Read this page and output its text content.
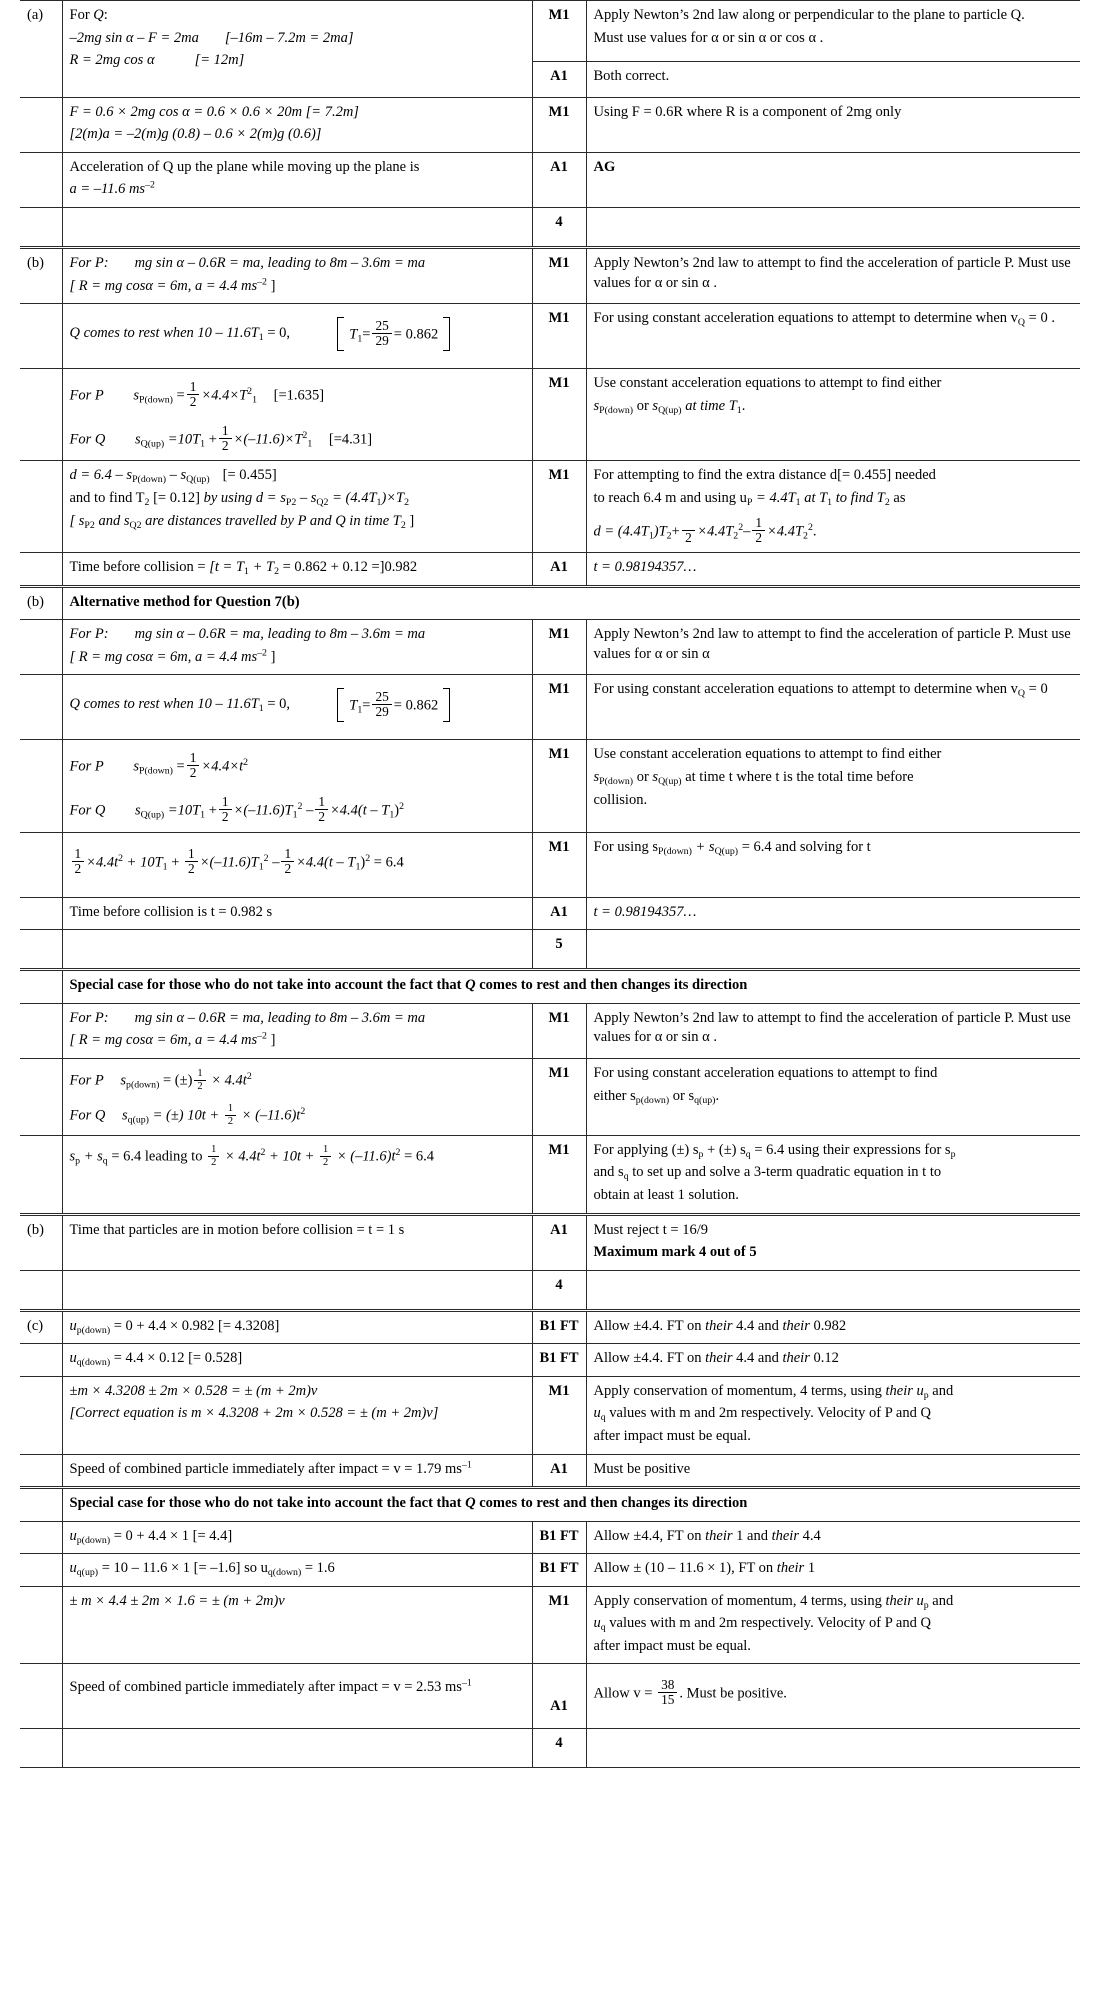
(a)	For Q:
–2mg sin α – F = 2ma [–16m – 7.2m = 2ma]
R = 2mg cos α [= 12m]	M1	Apply Newton’s 2nd law along or perpendicular to the plane to particle Q.
Must use values for α or sin α or cos α .

		A1	Both correct.

	F = 0.6 × 2mg cos α = 0.6 × 0.6 × 20m [= 7.2m]
[2(m)a = –2(m)g (0.8) – 0.6 × 2(m)g (0.6)]	M1	Using F = 0.6R where R is a component of 2mg only

	Acceleration of Q up the plane while moving up the plane is
a = –11.6 $ms^{-2}$	A1	AG
		4	
(b)	For P: mg sin α – 0.6R = ma, leading to 8m – 3.6m = ma
[ R = mg cosα = 6m, a = 4.4 $ms^{-2}$ ]	M1	Apply Newton’s 2nd law to attempt to find the acceleration of particle P. Must use values for α or sin α .

	Q comes to rest when $10 - 11.6T_1 = 0$, $T_1= \frac{25}{29} = 0.862$	M1	For using constant acceleration equations to attempt to determine when $v_Q = 0$ .

For P $s_{P(down)} = \frac{1}{2} \times 4.4\times T^2_1$ [=1.635]
For Q $s_{Q(up)} =10T_1 + \frac{1}{2} \times(-11.6)\times T^2_1$ [=4.31]
	M1	Use constant acceleration equations to attempt to find either
$s_{P(down)}$ or $s_{Q(up)}$ at time $T_1$.

$d = 6.4 - s_{P(down)} - s_{Q(up)}$ [= 0.455]
and to find $T_2$ [= 0.12] by using $d = s_{P2} - s_{Q2} = (4.4T_1)\times T_2$
[ $s_{P2}$ and $s_{Q2}$ are distances travelled by P and Q in time $T_2$ ]
	M1	For attempting to find the extra distance d[= 0.455] needed
to reach 6.4 m and using $u_P = 4.4T_1$ at $T_1$ to find $T_2$ as
$d = (4.4T_1)T_2+ 2 \times 4.4T_2^2- \frac{1}{2} \times 4.4T_2^2$.

	Time before collision = $[t = T_1 + T_2 = 0.862 + 0.12 =]0.982$	A1	t = 0.98194357…
(b)	Alternative method for Question 7(b)		

	For P: mg sin α – 0.6R = ma, leading to 8m – 3.6m = ma
[ R = mg cosα = 6m, a = 4.4 $ms^{-2}$ ]	M1	Apply Newton’s 2nd law to attempt to find the acceleration of particle P. Must use values for α or sin α

	Q comes to rest when $10 - 11.6T_1 = 0$, $T_1= \frac{25}{29} = 0.862$	M1	For using constant acceleration equations to attempt to determine when $v_Q = 0$

For P $s_{P(down)} = \frac{1}{2} \times 4.4\times t^2$
For Q $s_{Q(up)} =10T_1 + \frac{1}{2} \times(-11.6)T_1^2 - \frac{1}{2} \times 4.4(t - T_1)^2$
	M1	Use constant acceleration equations to attempt to find either
$s_{P(down)}$ or $s_{Q(up)}$ at time t where t is the total time before
collision.

$\frac{1}{2} \times 4.4t^2 + 10T_1 + \frac{1}{2} \times(-11.6)T_1^2 - \frac{1}{2} \times 4.4(t - T_1)^2 = 6.4$
	M1	For using $s_{P(down)} + s_{Q(up)} = 6.4$ and solving for t

	Time before collision is t = 0.982 s	A1	t = 0.98194357…
		5	
	Special case for those who do not take into account the fact that Q comes to rest and then changes its direction		

	For P: mg sin α – 0.6R = ma, leading to 8m – 3.6m = ma
[ R = mg cosα = 6m, a = 4.4 $ms^{-2}$ ]	M1	Apply Newton’s 2nd law to attempt to find the acceleration of particle P. Must use values for α or sin α .

For P $s_{p(down)}$ = (±) $\frac{1}{2} \times 4.4t^2$
For Q $s_{q(up)}$ = (±) $10t + \frac{1}{2} \times (-11.6)t^2$
	M1	For using constant acceleration equations to attempt to find
either $s_{p(down)}$ or $s_{q(up)}$.

$s_p + s_q = 6.4$ leading to $\frac{1}{2} \times 4.4t^2 + 10t + \frac{1}{2} \times (-11.6)t^2 = 6.4$	M1	For applying (±) $s_p$ + (±) $s_q = 6.4$ using their expressions for $s_p$
and $s_q$ to set up and solve a 3-term quadratic equation in t to
obtain at least 1 solution.

(b)	Time that particles are in motion before collision = t = 1 s	A1	Must reject t = 16/9
Maximum mark 4 out of 5

		4	
(c)	$u_{p(down)} = 0 + 4.4 \times 0.982$ [= 4.3208]	B1 FT	Allow ±4.4. FT on their 4.4 and their 0.982

	$u_{q(down)} = 4.4 \times 0.12$ [= 0.528]	B1 FT	Allow ±4.4. FT on their 4.4 and their 0.12

	±m × 4.3208 ± 2m × 0.528 = ± (m + 2m)v
[Correct equation is m × 4.3208 + 2m × 0.528 = ± (m + 2m)v]	M1	Apply conservation of momentum, 4 terms, using their $u_p$ and
$u_q$ values with m and 2m respectively. Velocity of P and Q
after impact must be equal.

	Speed of combined particle immediately after impact = v = 1.79 $ms^{-1}$	A1	Must be positive
	Special case for those who do not take into account the fact that Q comes to rest and then changes its direction		

	$u_{p(down)} = 0 + 4.4 \times 1$ [= 4.4]	B1 FT	Allow ±4.4, FT on their 1 and their 4.4

	$u_{q(up)} = 10 - 11.6 \times 1$ [= –1.6] so $u_{q(down)} = 1.6$	B1 FT	Allow ± (10 – 11.6 × 1), FT on their 1

	± m × 4.4 ± 2m × 1.6 = ± (m + 2m)v	M1	Apply conservation of momentum, 4 terms, using their $u_p$ and
$u_q$ values with m and 2m respectively. Velocity of P and Q
after impact must be equal.

	Speed of combined particle immediately after impact = v = 2.53 $ms^{-1}$	A1	Allow $v = \frac{38}{15}$ . Must be positive.

		4	
